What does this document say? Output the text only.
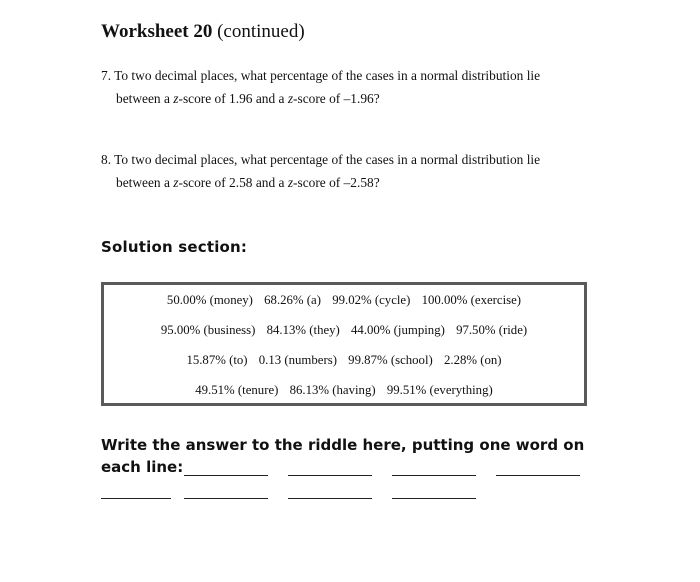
Worksheet 20 (continued)
7. To two decimal places, what percentage of the cases in a normal distribution lie
between a z-score of 1.96 and a z-score of –1.96?
8. To two decimal places, what percentage of the cases in a normal distribution lie
between a z-score of 2.58 and a z-score of –2.58?
Solution section:
50.00% (money) 68.26% (a) 99.02% (cycle) 100.00% (exercise)
95.00% (business) 84.13% (they) 44.00% (jumping) 97.50% (ride)
15.87% (to) 0.13 (numbers) 99.87% (school) 2.28% (on)
49.51% (tenure) 86.13% (having) 99.51% (everything)
Write the answer to the riddle here, putting one word on
each line:
